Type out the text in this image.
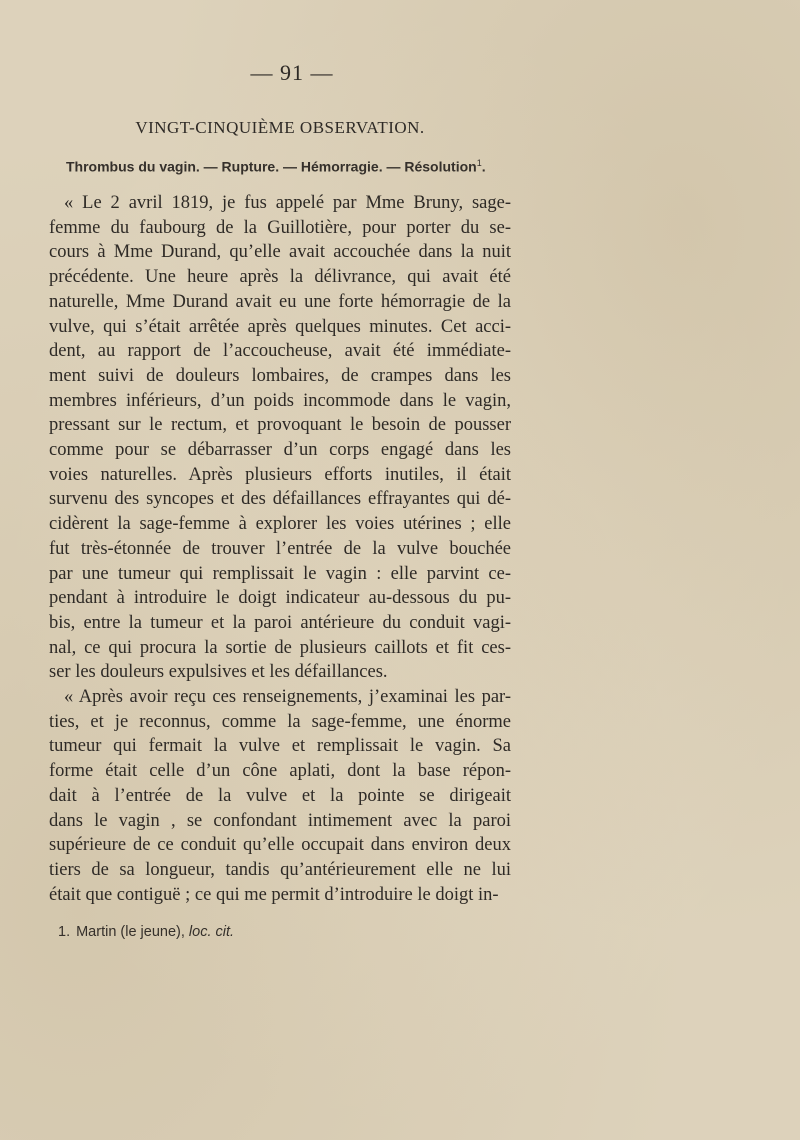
— 91 —
VINGT-CINQUIÈME OBSERVATION.
Thrombus du vagin. — Rupture. — Hémorragie. — Résolution$^1$.
« Le 2 avril 1819, je fus appelé par Mme Bruny, sage-
femme du faubourg de la Guillotière, pour porter du se-
cours à Mme Durand, qu’elle avait accouchée dans la nuit
précédente. Une heure après la délivrance, qui avait été
naturelle, Mme Durand avait eu une forte hémorragie de la
vulve, qui s’était arrêtée après quelques minutes. Cet acci-
dent, au rapport de l’accoucheuse, avait été immédiate-
ment suivi de douleurs lombaires, de crampes dans les
membres inférieurs, d’un poids incommode dans le vagin,
pressant sur le rectum, et provoquant le besoin de pousser
comme pour se débarrasser d’un corps engagé dans les
voies naturelles. Après plusieurs efforts inutiles, il était
survenu des syncopes et des défaillances effrayantes qui dé-
cidèrent la sage-femme à explorer les voies utérines ; elle
fut très-étonnée de trouver l’entrée de la vulve bouchée
par une tumeur qui remplissait le vagin : elle parvint ce-
pendant à introduire le doigt indicateur au-dessous du pu-
bis, entre la tumeur et la paroi antérieure du conduit vagi-
nal, ce qui procura la sortie de plusieurs caillots et fit ces-
ser les douleurs expulsives et les défaillances.
« Après avoir reçu ces renseignements, j’examinai les par-
ties, et je reconnus, comme la sage-femme, une énorme
tumeur qui fermait la vulve et remplissait le vagin. Sa
forme était celle d’un cône aplati, dont la base répon-
dait à l’entrée de la vulve et la pointe se dirigeait
dans le vagin , se confondant intimement avec la paroi
supérieure de ce conduit qu’elle occupait dans environ deux
tiers de sa longueur, tandis qu’antérieurement elle ne lui
était que contiguë ; ce qui me permit d’introduire le doigt in-
1. Martin (le jeune), loc. cit.
